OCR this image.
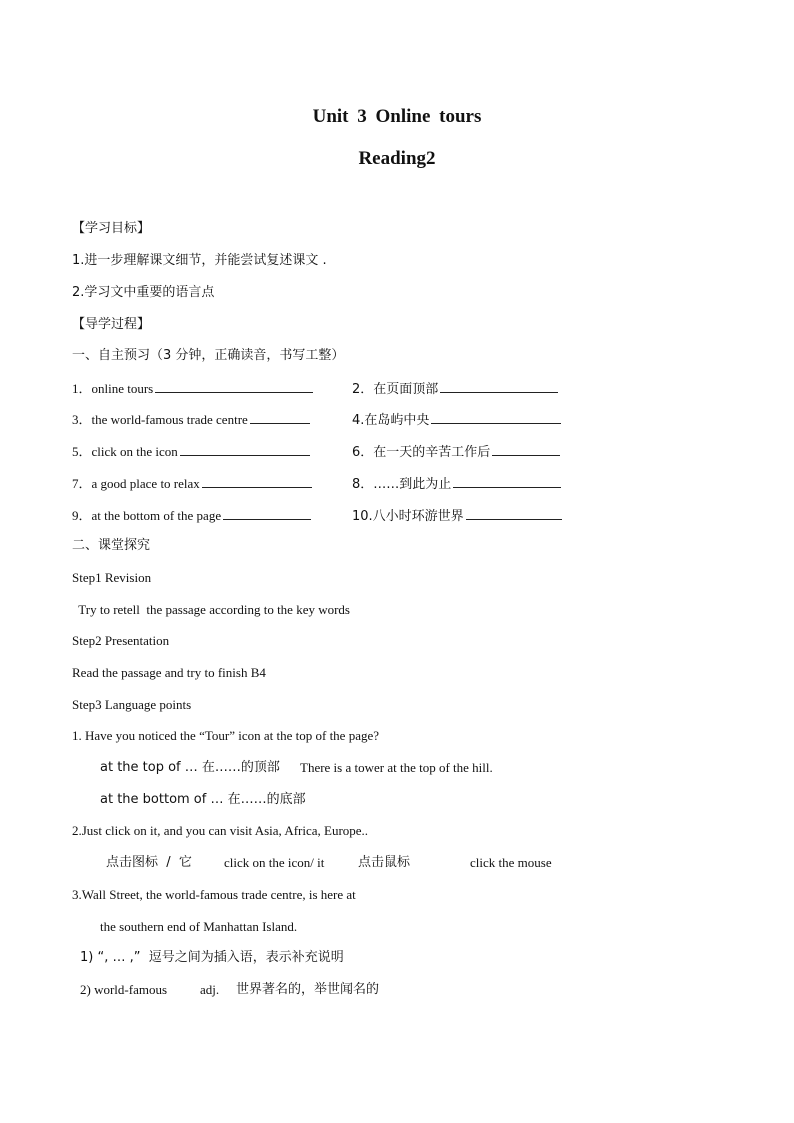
Unit 3 Online tours
Reading2
【学习目标】
1.进一步理解课文细节，并能尝试复述课文 .
2.学习文中重要的语言点
【导学过程】
一、自主预习（3 分钟，正确读音，书写工整）
1．online tours	2．在页面顶部
3．the world-famous trade centre	4.在岛屿中央
5．click on the icon	6．在一天的辛苦工作后
7．a good place to relax	8．……到此为止
9．at the bottom of the page	10.八小时环游世界
二、课堂探究
Step1 Revision
Try to retell  the passage according to the key words
Step2 Presentation
Read the passage and try to finish B4
Step3 Language points
1. Have you noticed the “Tour” icon at the top of the page?
at the top of … 在……的顶部 There is a tower at the top of the hill.
at the bottom of … 在……的底部
2.Just click on it, and you can visit Asia, Africa, Europe..
点击图标  /  它 click on the icon/ it	点击鼠标	click the mouse
3.Wall Street, the world-famous trade centre, is here at
the southern end of Manhattan Island.
1) “, … ,”  逗号之间为插入语，表示补充说明
2) world-famous	adj. 世界著名的，举世闻名的
